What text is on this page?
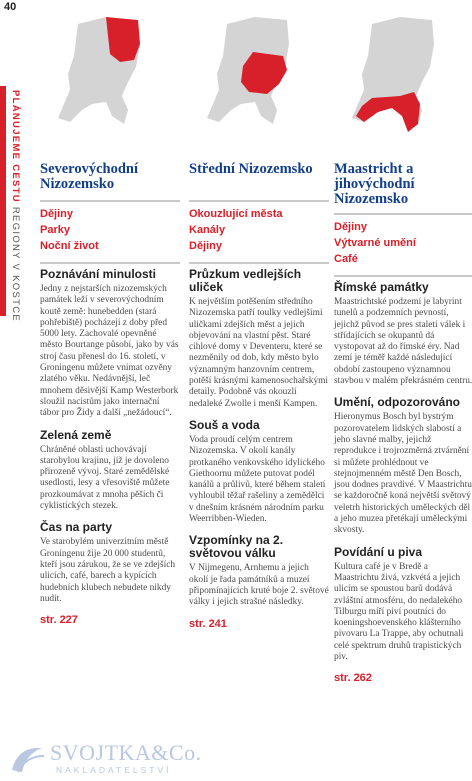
40
PLÁNUJEME CESTU REGIONY V KOSTCE
Severovýchodní Nizozemsko
Dějiny
Parky
Noční život
Poznávání minulosti

Jedny z nejstarších nizozemských památek leží v severovýchodním koutě země: hunebedden (stará pohřebiště) pocházejí z doby před 5000 lety. Zachovalé opevněné město Bourtange působí, jako by vás stroj času přenesl do 16. století, v Groningenu můžete vnímat ozvěny zlatého věku. Nedávnější, leč mnohem děsivější Kamp Westerbork sloužil nacistům jako internační tábor pro Židy a další „nežádoucí“.

Zelená země

Chráněné oblasti uchovávají starobylou krajinu, jíž je dovoleno přirozeně vývoj. Staré zemědělské usedlosti, lesy a vřesoviště můžete prozkoumávat z mnoha pěších či cyklistických stezek.

Čas na party

Ve starobylém univerzitním městě Groningenu žije 20 000 studentů, kteří jsou zárukou, že se ve zdejších ulicích, café, barech a kypících hudebních klubech nebudete nikdy nudit.

str. 227
Střední Nizozemsko
Okouzlující města
Kanály
Dějiny
Průzkum vedlejších uliček

K největším potěšením středního Nizozemska patří toulky vedlejšími uličkami zdejších měst a jejich objevování na vlastní pěst. Staré cihlové domy v Deventeru, které se nezměnily od dob, kdy město bylo významným hanzovním centrem, potěší krásnými kamenosochařskými detaily. Podobně vás okouzlí nedaleké Zwolle i menší Kampen.

Souš a voda

Voda proudí celým centrem Nizozemska. V okolí kanály protkaného venkovského idylického Giethoornu můžete putovat podél kanálů a průlivů, které během staletí vyhloubil těžař rašeliny a zemědělci v dnešním krásném národním parku Weerribben-Wieden.

Vzpomínky na 2. světovou válku

V Nijmegenu, Arnhemu a jejich okolí je řada památníků a muzeí připomínajících kruté boje 2. světové války i jejich strašné následky.

str. 241
Maastricht a jihovýchodní Nizozemsko
Dějiny
Výtvarné umění
Café
Římské památky

Maastrichtské podzemí je labyrint tunelů a podzemních pevností, jejichž původ se pres staletí válek i střídajících se okupantů dá vystopovat až do římské éry. Nad zemí je téměř každé následující období zastoupeno významnou stavbou v malém překrásném centru.

Umění, odpozorováno

Hieronymus Bosch byl bystrým pozorovatelem lidských slabostí a jeho slavné malby, jejichž reprodukce i trojrozměrná ztvárnění si můžete prohlédnout ve stejnojmenném městě Den Bosch, jsou dodnes pravdivé. V Maastrichtu se každoročně koná největší světový veletrh historických uměleckých děl a jeho muzea přetékají uměleckými skvosty.

Povídání u piva

Kultura café je v Bredě a Maastrichtu živá, vzkvétá a jejich ulicím se spoustou barů dodává zvláštní atmosféru, do nedalekého Tilburgu míří piví poutníci do koeningshoevenského klášterního pivovaru La Trappe, aby ochutnali celé spektrum druhů trapistických piv.

str. 262
SVOJTKA&Co.
NAKLADATELSTVÍ
